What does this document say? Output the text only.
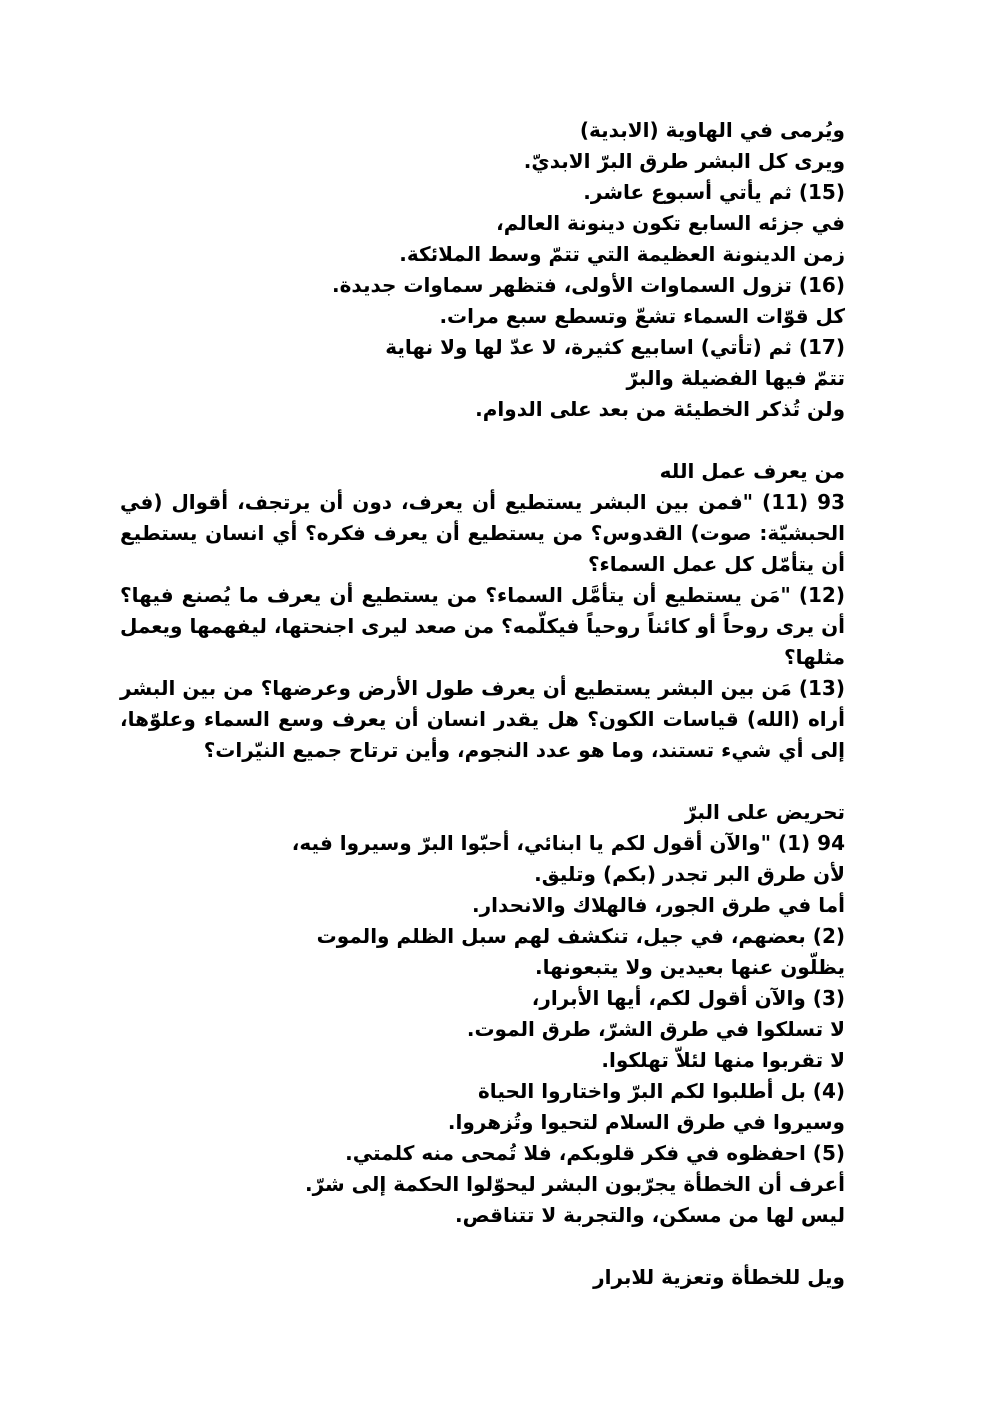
ويُرمى في الهاوية (الابدية)
ويرى كل البشر طرق البرّ الابديّ.
(15) ثم يأتي أسبوع عاشر.
في جزئه السابع تكون دينونة العالم،
زمن الدينونة العظيمة التي تتمّ وسط الملائكة.
(16) تزول السماوات الأولى، فتظهر سماوات جديدة.
كل قوّات السماء تشعّ وتسطع سبع مرات.
(17) ثم (تأتي) اسابيع كثيرة، لا عدّ لها ولا نهاية
تتمّ فيها الفضيلة والبرّ
ولن تُذكر الخطيئة من بعد على الدوام.
من يعرف عمل الله
93 (11) "فمن بين البشر يستطيع أن يعرف، دون أن يرتجف، أقوال (في الحبشيّة: صوت) القدوس؟ من يستطيع أن يعرف فكره؟ أي انسان يستطيع أن يتأمّل كل عمل السماء؟
(12) "مَن يستطيع أن يتأمَّل السماء؟ من يستطيع أن يعرف ما يُصنع فيها؟ أن يرى روحاً أو كائناً روحياً فيكلّمه؟ من صعد ليرى اجنحتها، ليفهمها ويعمل مثلها؟
(13) مَن بين البشر يستطيع أن يعرف طول الأرض وعرضها؟ من بين البشر أراه (الله) قياسات الكون؟ هل يقدر انسان أن يعرف وسع السماء وعلوّها، إلى أي شيء تستند، وما هو عدد النجوم، وأين ترتاح جميع النيّرات؟
تحريض على البرّ
94 (1) "والآن أقول لكم يا ابنائي، أحبّوا البرّ وسيروا فيه،
لأن طرق البر تجدر (بكم) وتليق.
أما في طرق الجور، فالهلاك والانحدار.
(2) بعضهم، في جيل، تنكشف لهم سبل الظلم والموت
يظلّون عنها بعيدين ولا يتبعونها.
(3) والآن أقول لكم، أيها الأبرار،
لا تسلكوا في طرق الشرّ، طرق الموت.
لا تقربوا منها لئلاّ تهلكوا.
(4) بل أطلبوا لكم البرّ واختاروا الحياة
وسيروا في طرق السلام لتحيوا وتُزهروا.
(5) احفظوه في فكر قلوبكم، فلا تُمحى منه كلمتي.
أعرف أن الخطأة يجرّبون البشر ليحوّلوا الحكمة إلى شرّ.
ليس لها من مسكن، والتجربة لا تتناقص.
ويل للخطأة وتعزية للابرار
